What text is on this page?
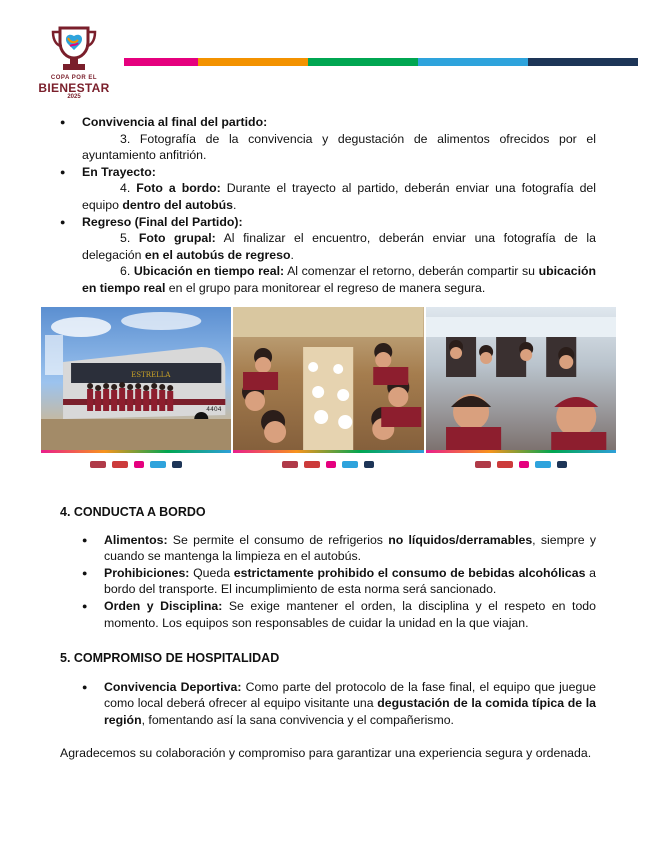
COPA POR EL
BIENESTAR
2025
● Convivencia al final del partido:
3. Fotografía de la convivencia y degustación de alimentos ofrecidos por el ayuntamiento anfitrión.
● En Trayecto:
4. Foto a bordo: Durante el trayecto al partido, deberán enviar una fotografía del equipo dentro del autobús.
● Regreso (Final del Partido):
5. Foto grupal: Al finalizar el encuentro, deberán enviar una fotografía de la delegación en el autobús de regreso.
6. Ubicación en tiempo real: Al comenzar el retorno, deberán compartir su ubicación en tiempo real en el grupo para monitorear el regreso de manera segura.
ESTRELLA
4404
4. CONDUCTA A BORDO
● Alimentos: Se permite el consumo de refrigerios no líquidos/derramables, siempre y cuando se mantenga la limpieza en el autobús.
● Prohibiciones: Queda estrictamente prohibido el consumo de bebidas alcohólicas a bordo del transporte. El incumplimiento de esta norma será sancionado.
● Orden y Disciplina: Se exige mantener el orden, la disciplina y el respeto en todo momento. Los equipos son responsables de cuidar la unidad en la que viajan.
5. COMPROMISO DE HOSPITALIDAD
● Convivencia Deportiva: Como parte del protocolo de la fase final, el equipo que juegue como local deberá ofrecer al equipo visitante una degustación de la comida típica de la región, fomentando así la sana convivencia y el compañerismo.
Agradecemos su colaboración y compromiso para garantizar una experiencia segura y ordenada.
